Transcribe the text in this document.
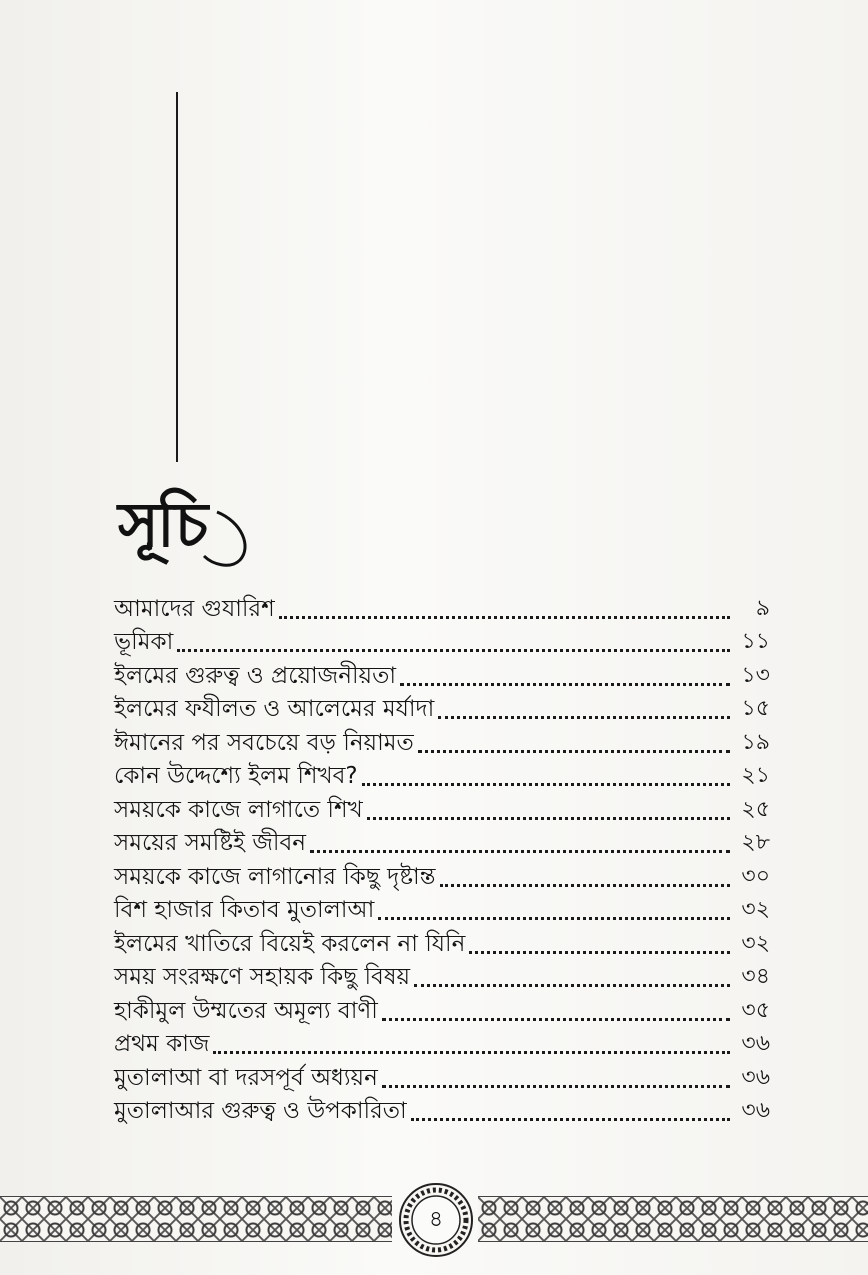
সূচি
আমাদের গুযারিশ	৯
ভূমিকা	১১
ইলমের গুরুত্ব ও প্রয়োজনীয়তা	১৩
ইলমের ফযীলত ও আলেমের মর্যাদা	১৫
ঈমানের পর সবচেয়ে বড় নিয়ামত	১৯
কোন উদ্দেশ্যে ইলম শিখব?	২১
সময়কে কাজে লাগাতে শিখ	২৫
সময়ের সমষ্টিই জীবন	২৮
সময়কে কাজে লাগানোর কিছু দৃষ্টান্ত	৩০
বিশ হাজার কিতাব মুতালাআ	৩২
ইলমের খাতিরে বিয়েই করলেন না যিনি	৩২
সময় সংরক্ষণে সহায়ক কিছু বিষয়	৩৪
হাকীমুল উম্মতের অমূল্য বাণী	৩৫
প্রথম কাজ	৩৬
মুতালাআ বা দরসপূর্ব অধ্যয়ন	৩৬
মুতালাআর গুরুত্ব ও উপকারিতা	৩৬
৪
